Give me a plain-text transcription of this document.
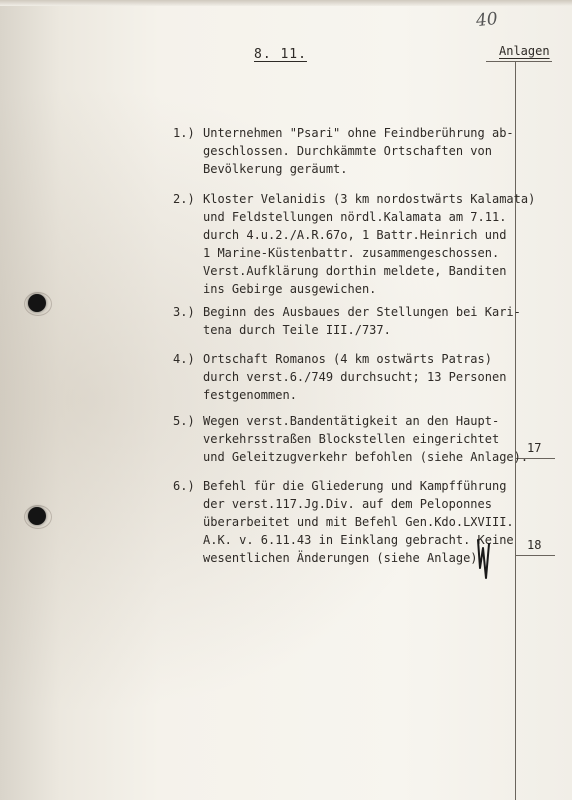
40
8. 11.	Anlagen
17
18
1.) Unternehmen "Psari" ohne Feindberührung ab-
geschlossen. Durchkämmte Ortschaften von
Bevölkerung geräumt.
2.) Kloster Velanidis (3 km nordostwärts Kalamata)
und Feldstellungen nördl.Kalamata am 7.11.
durch 4.u.2./A.R.67o, 1 Battr.Heinrich und
1 Marine-Küstenbattr. zusammengeschossen.
Verst.Aufklärung dorthin meldete, Banditen
ins Gebirge ausgewichen.
3.) Beginn des Ausbaues der Stellungen bei Kari-
tena durch Teile III./737.
4.) Ortschaft Romanos (4 km ostwärts Patras)
durch verst.6./749 durchsucht; 13 Personen
festgenommen.
5.) Wegen verst.Bandentätigkeit an den Haupt-
verkehrsstraßen Blockstellen eingerichtet
und Geleitzugverkehr befohlen (siehe Anlage).
6.) Befehl für die Gliederung und Kampfführung
der verst.117.Jg.Div. auf dem Peloponnes
überarbeitet und mit Befehl Gen.Kdo.LXVIII.
A.K. v. 6.11.43 in Einklang gebracht. Keine
wesentlichen Änderungen (siehe Anlage).
